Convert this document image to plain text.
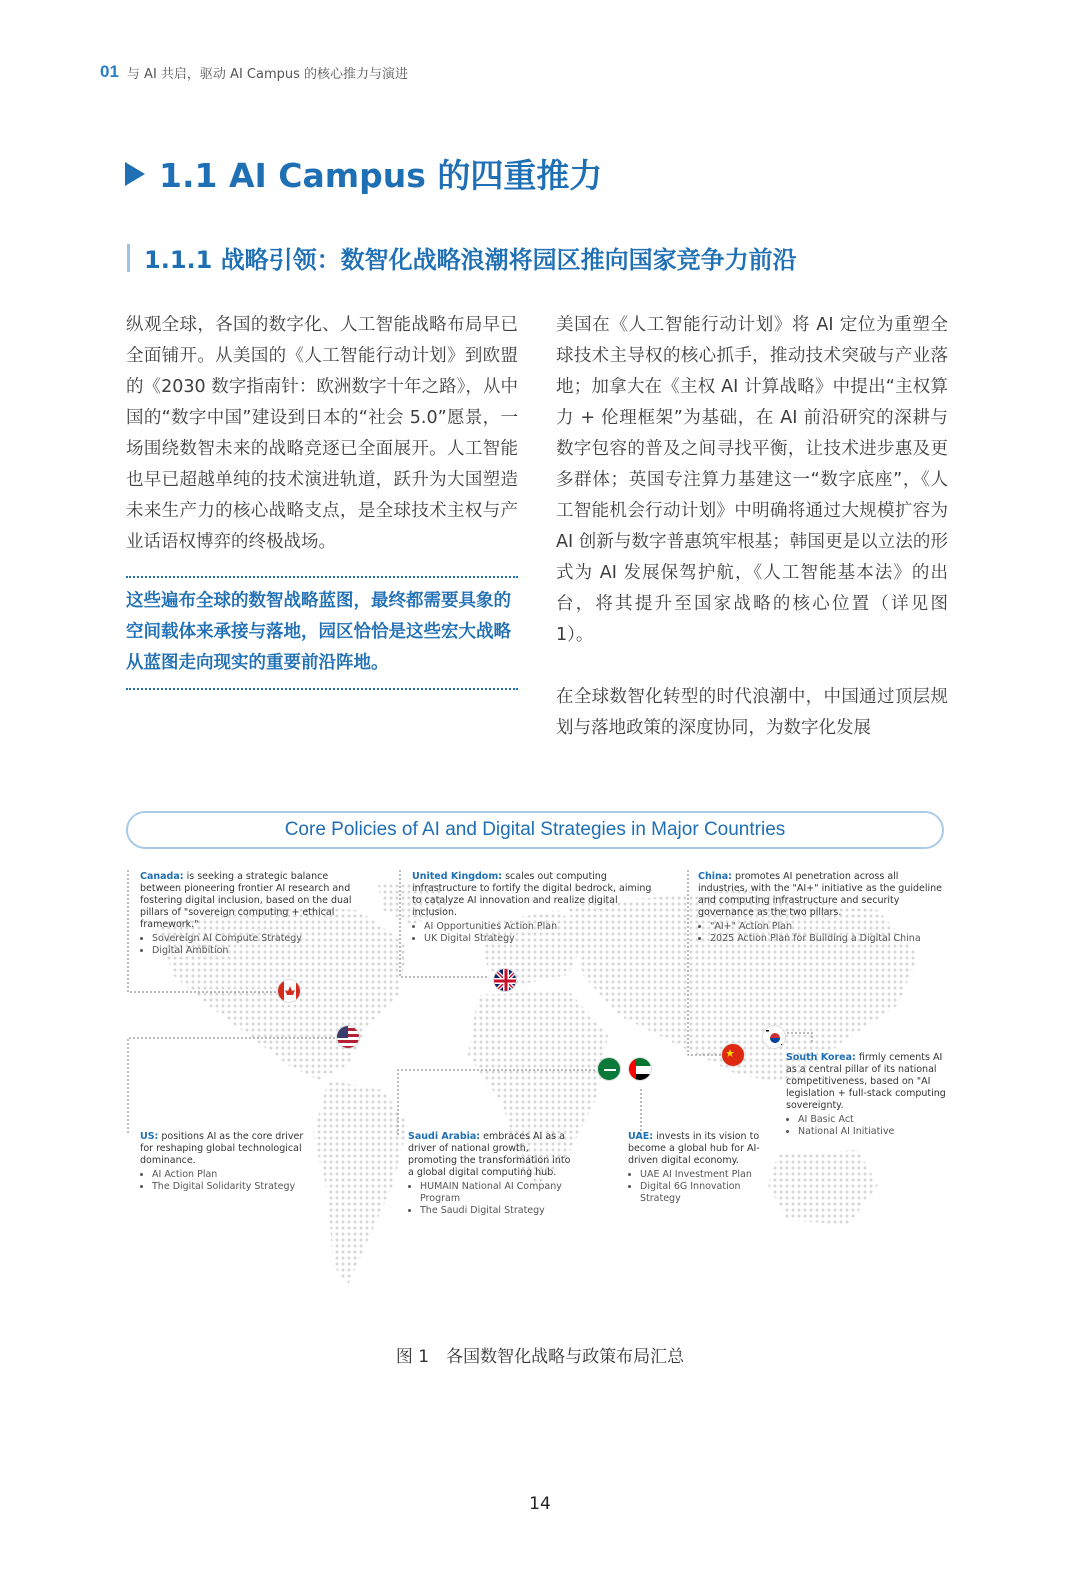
01 与 AI 共启，驱动 AI Campus 的核心推力与演进
1.1 AI Campus 的四重推力
1.1.1 战略引领：数智化战略浪潮将园区推向国家竞争力前沿

纵观全球，各国的数字化、人工智能战略布局早已全面铺开。从美国的《人工智能行动计划》到欧盟的《2030 数字指南针：欧洲数字十年之路》，从中国的“数字中国”建设到日本的“社会 5.0”愿景，一场围绕数智未来的战略竞逐已全面展开。人工智能也早已超越单纯的技术演进轨道，跃升为大国塑造未来生产力的核心战略支点，是全球技术主权与产业话语权博弈的终极战场。

这些遍布全球的数智战略蓝图，最终都需要具象的空间载体来承接与落地，园区恰恰是这些宏大战略从蓝图走向现实的重要前沿阵地。

美国在《人工智能行动计划》将 AI 定位为重塑全球技术主导权的核心抓手，推动技术突破与产业落地；加拿大在《主权 AI 计算战略》中提出“主权算力 + 伦理框架”为基础，在 AI 前沿研究的深耕与数字包容的普及之间寻找平衡，让技术进步惠及更多群体；英国专注算力基建这一“数字底座”，《人工智能机会行动计划》中明确将通过大规模扩容为 AI 创新与数字普惠筑牢根基；韩国更是以立法的形式为 AI 发展保驾护航，《人工智能基本法》的出台，将其提升至国家战略的核心位置（详见图 1）。

在全球数智化转型的时代浪潮中，中国通过顶层规划与落地政策的深度协同，为数字化发展

Core Policies of AI and Digital Strategies in Major Countries
Canada: is seeking a strategic balance between pioneering frontier AI research and fostering digital inclusion, based on the dual pillars of "sovereign computing + ethical framework."
• Sovereign AI Compute Strategy
• Digital Ambition
United Kingdom: scales out computing infrastructure to fortify the digital bedrock, aiming to catalyze AI innovation and realize digital inclusion.
• AI Opportunities Action Plan
• UK Digital Strategy
China: promotes AI penetration across all industries, with the "AI+" initiative as the guideline and computing infrastructure and security governance as the two pillars.
• "AI+" Action Plan
• 2025 Action Plan for Building a Digital China
South Korea: firmly cements AI as a central pillar of its national competitiveness, based on "AI legislation + full-stack computing sovereignty.
• AI Basic Act
• National AI Initiative
US: positions AI as the core driver for reshaping global technological dominance.
• AI Action Plan
• The Digital Solidarity Strategy
Saudi Arabia: embraces AI as a driver of national growth, promoting the transformation into a global digital computing hub.
• HUMAIN National AI Company Program
• The Saudi Digital Strategy
UAE: invests in its vision to become a global hub for AI-driven digital economy.
• UAE AI Investment Plan
• Digital 6G Innovation Strategy
图 1　各国数智化战略与政策布局汇总
14
